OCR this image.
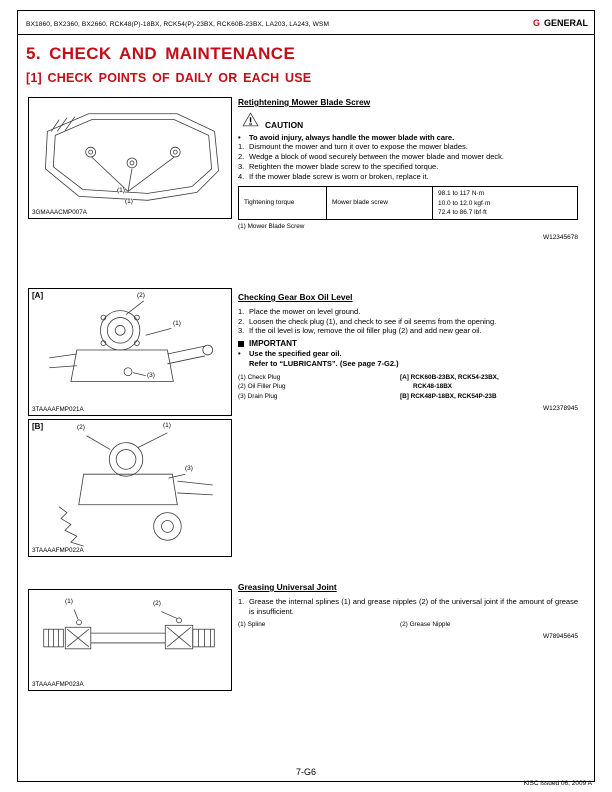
BX1860, BX2360, BX2660, RCK48(P)-18BX, RCK54(P)-23BX, RCK60B-23BX, LA203, LA243, WSM	G GENERAL
5. CHECK AND MAINTENANCE
[1] CHECK POINTS OF DAILY OR EACH USE
(1)
(1)
3GMAAACMP007A
[A]	(2)
(1)
(3)
3TAAAAFMP021A
[B]	(2)	(1)
(3)
3TAAAAFMP022A
(1)	(2)
3TAAAAFMP023A
Retightening Mower Blade Screw
CAUTION
•	To avoid injury, always handle the mower blade with care.
1. Dismount the mower and turn it over to expose the mower blades.
2. Wedge a block of wood securely between the mower blade and mower deck.
3. Retighten the mower blade screw to the specified torque.
4. If the mower blade screw is worn or broken, replace it.
Tightening torque	Mower blade screw	
98.1 to 117 N·m
10.0 to 12.0 kgf·m
72.4 to 86.7 lbf·ft
(1) Mower Blade Screw
W12345678
Checking Gear Box Oil Level
1. Place the mower on level ground.
2. Loosen the check plug (1), and check to see if oil seems from the opening.
3. If the oil level is low, remove the oil filler plug (2) and add new gear oil.
IMPORTANT
•	Use the specified gear oil.
Refer to “LUBRICANTS”. (See page 7-G2.)
(1) Check Plug
(2) Oil Filler Plug
(3) Drain Plug
[A] RCK60B-23BX, RCK54-23BX,
RCK48-18BX
[B] RCK48P-18BX, RCK54P-23B
W12378945
Greasing Universal Joint
1. Grease the internal splines (1) and grease nipples (2) of the universal joint if the amount of grease is insufficient.
(1) Spline	(2) Grease Nipple
W78945645
7-G6
KiSC issued 06, 2009 A
